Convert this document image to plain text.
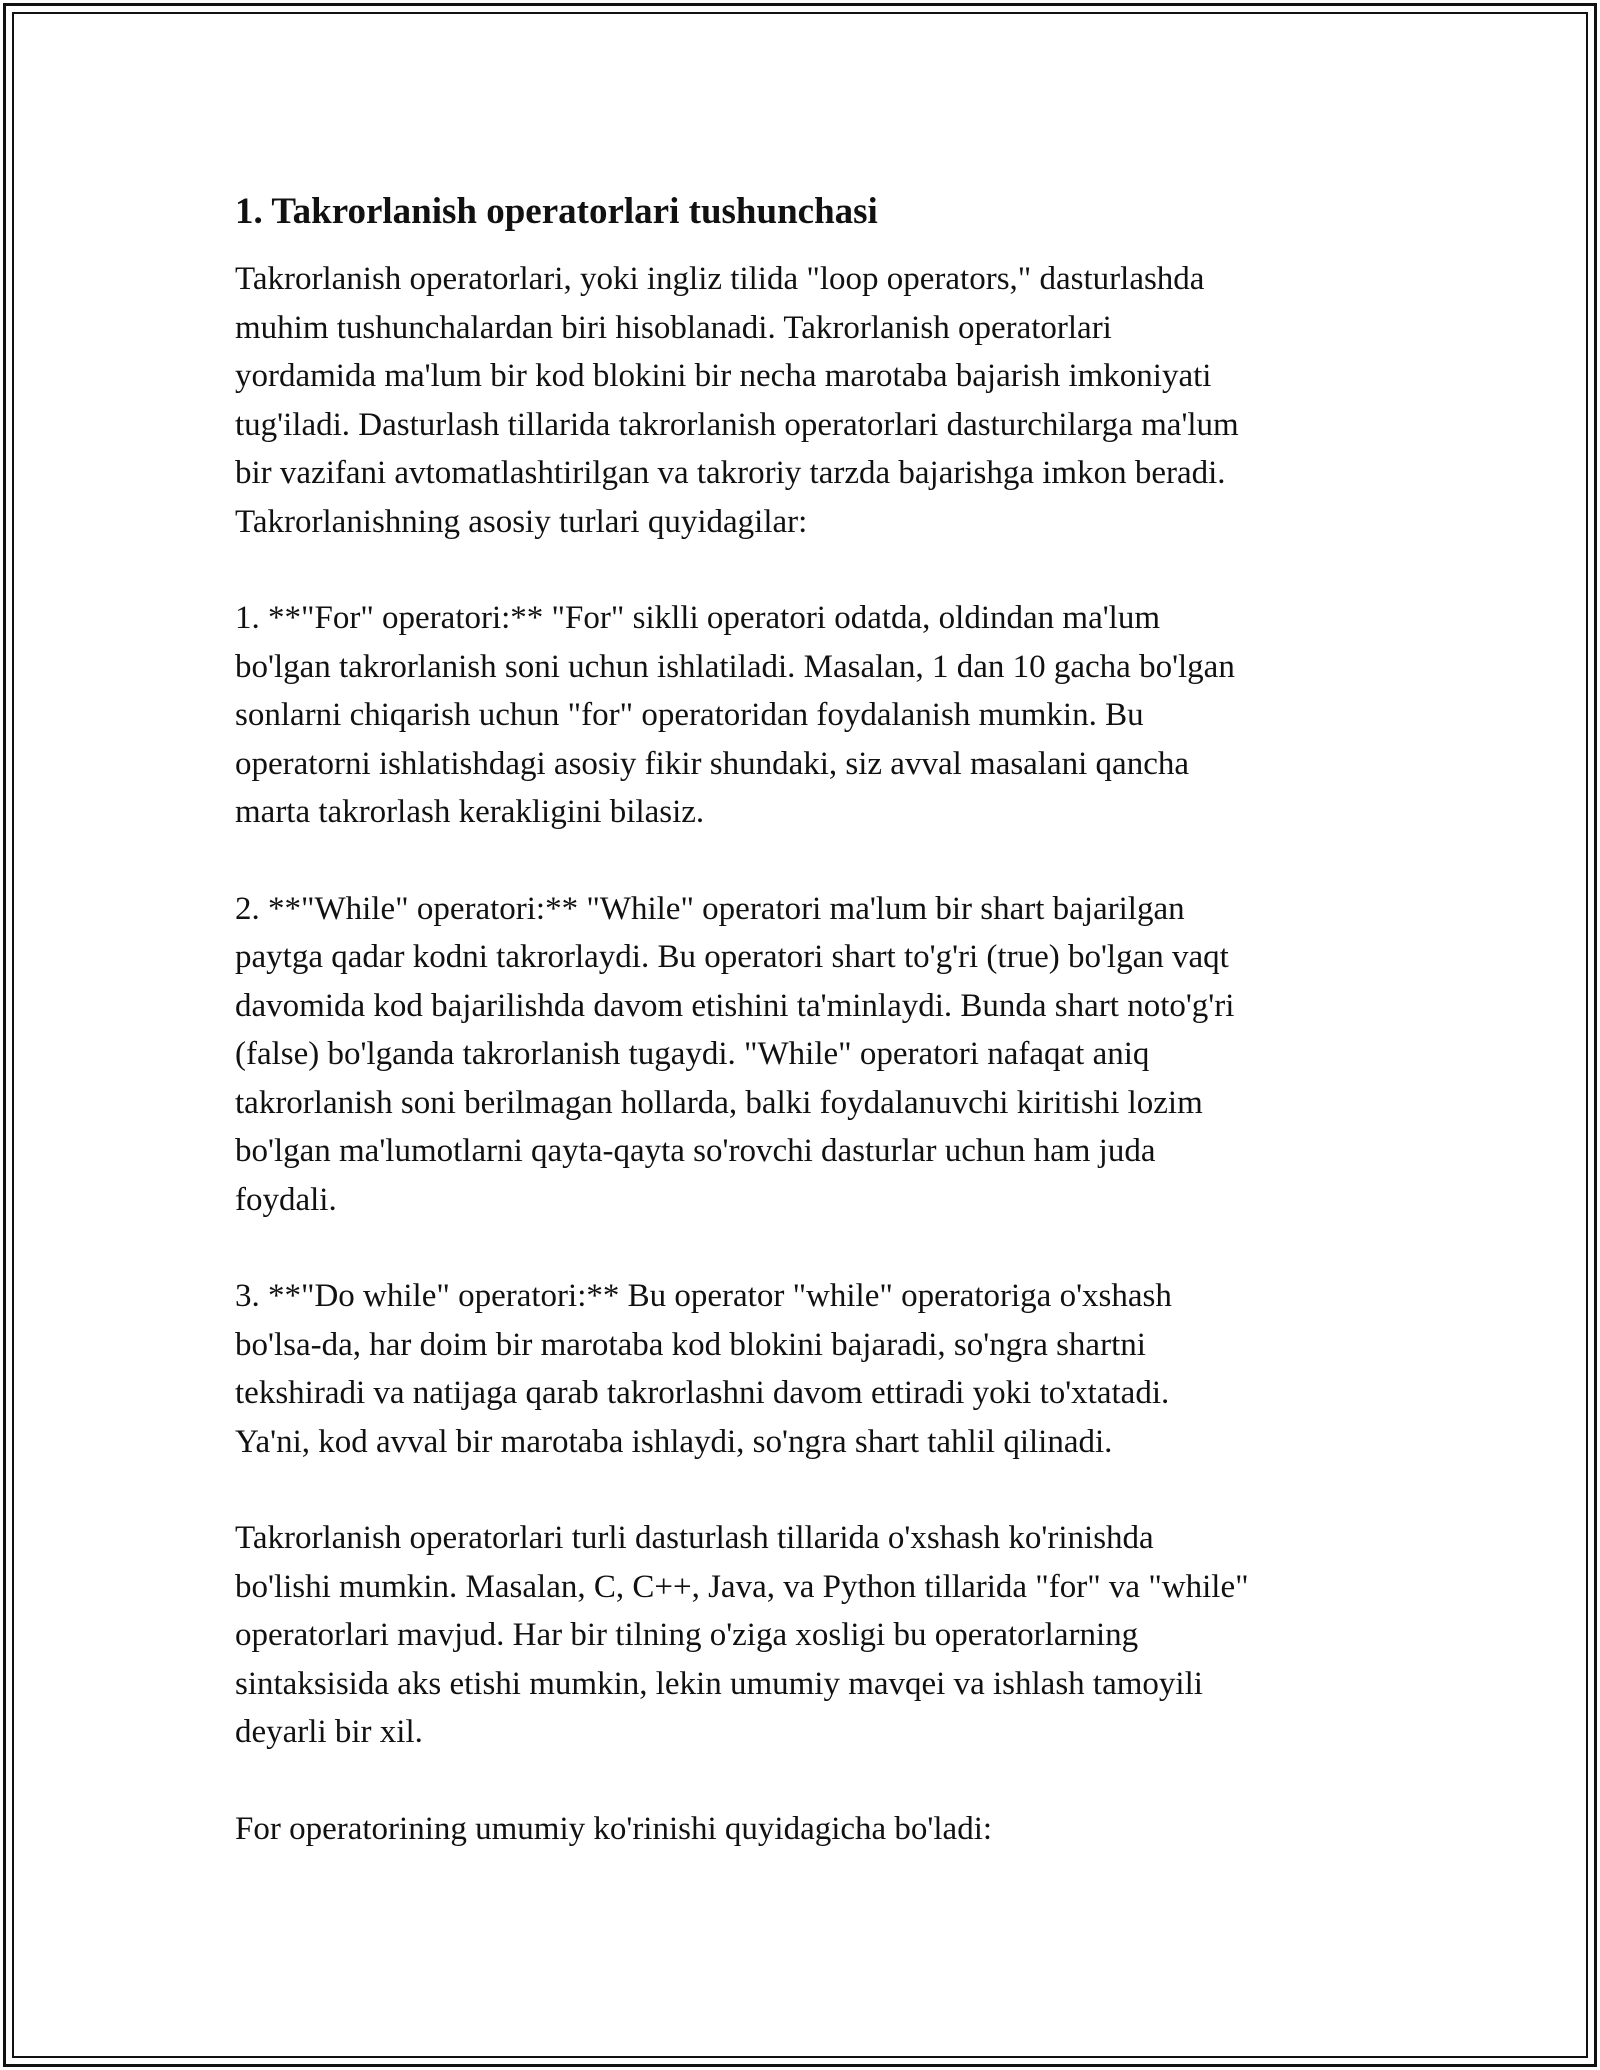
1. Takrorlanish operatorlari tushunchasi

Takrorlanish operatorlari, yoki ingliz tilida "loop operators," dasturlashda
muhim tushunchalardan biri hisoblanadi. Takrorlanish operatorlari
yordamida ma'lum bir kod blokini bir necha marotaba bajarish imkoniyati
tug'iladi. Dasturlash tillarida takrorlanish operatorlari dasturchilarga ma'lum
bir vazifani avtomatlashtirilgan va takroriy tarzda bajarishga imkon beradi.
Takrorlanishning asosiy turlari quyidagilar:

1. **"For" operatori:** "For" siklli operatori odatda, oldindan ma'lum
bo'lgan takrorlanish soni uchun ishlatiladi. Masalan, 1 dan 10 gacha bo'lgan
sonlarni chiqarish uchun "for" operatoridan foydalanish mumkin. Bu
operatorni ishlatishdagi asosiy fikir shundaki, siz avval masalani qancha
marta takrorlash kerakligini bilasiz.

2. **"While" operatori:** "While" operatori ma'lum bir shart bajarilgan
paytga qadar kodni takrorlaydi. Bu operatori shart to'g'ri (true) bo'lgan vaqt
davomida kod bajarilishda davom etishini ta'minlaydi. Bunda shart noto'g'ri
(false) bo'lganda takrorlanish tugaydi. "While" operatori nafaqat aniq
takrorlanish soni berilmagan hollarda, balki foydalanuvchi kiritishi lozim
bo'lgan ma'lumotlarni qayta-qayta so'rovchi dasturlar uchun ham juda
foydali.

3. **"Do while" operatori:** Bu operator "while" operatoriga o'xshash
bo'lsa-da, har doim bir marotaba kod blokini bajaradi, so'ngra shartni
tekshiradi va natijaga qarab takrorlashni davom ettiradi yoki to'xtatadi.
Ya'ni, kod avval bir marotaba ishlaydi, so'ngra shart tahlil qilinadi.

Takrorlanish operatorlari turli dasturlash tillarida o'xshash ko'rinishda
bo'lishi mumkin. Masalan, C, C++, Java, va Python tillarida "for" va "while"
operatorlari mavjud. Har bir tilning o'ziga xosligi bu operatorlarning
sintaksisida aks etishi mumkin, lekin umumiy mavqei va ishlash tamoyili
deyarli bir xil.

For operatorining umumiy ko'rinishi quyidagicha bo'ladi:
